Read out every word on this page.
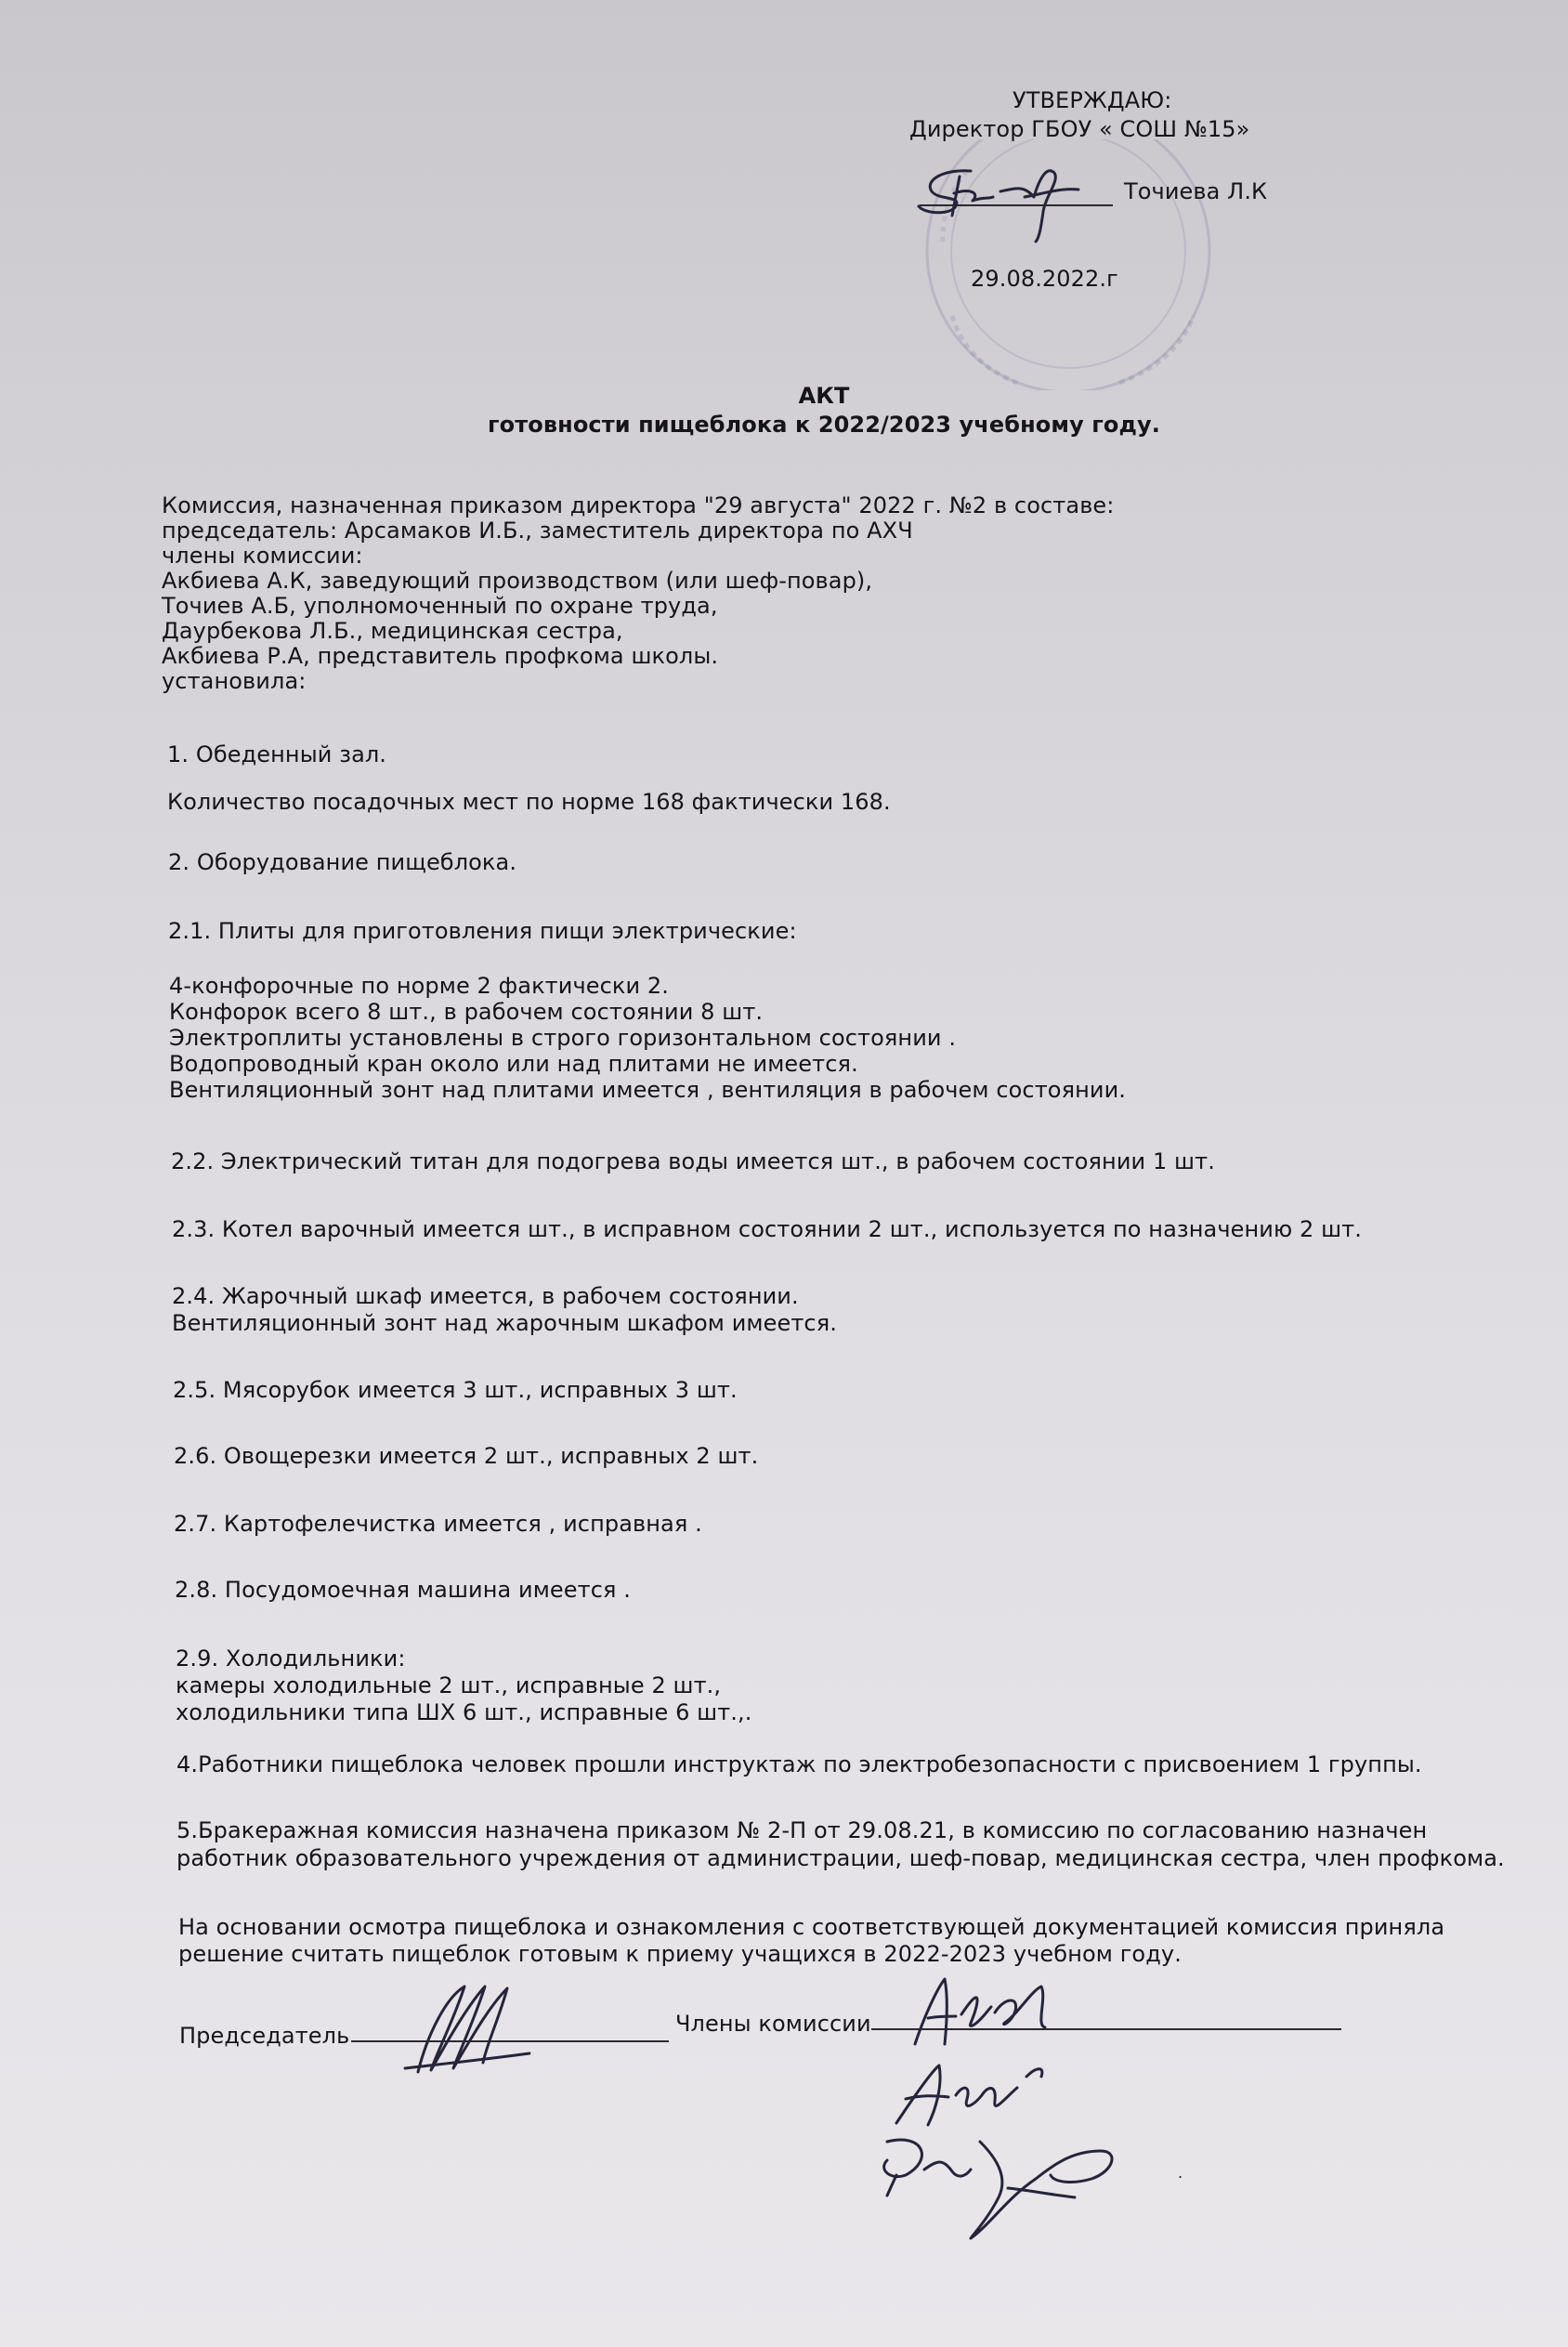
УТВЕРЖДАЮ:
Директор ГБОУ « СОШ №15»
Точиева Л.К
29.08.2022.г
АКТ
готовности пищеблока к 2022/2023 учебному году.
Комиссия, назначенная приказом директора "29 августа" 2022 г. №2 в составе:
председатель: Арсамаков И.Б., заместитель директора по АХЧ
члены комиссии:
Акбиева А.К, заведующий производством (или шеф-повар),
Точиев А.Б, уполномоченный по охране труда,
Даурбекова Л.Б., медицинская сестра,
Акбиева Р.А, представитель профкома школы.
установила:
1. Обеденный зал.
Количество посадочных мест по норме 168 фактически 168.
2. Оборудование пищеблока.
2.1. Плиты для приготовления пищи электрические:
4-конфорочные по норме 2 фактически 2.
Конфорок всего 8 шт., в рабочем состоянии 8 шт.
Электроплиты установлены в строго горизонтальном состоянии .
Водопроводный кран около или над плитами не имеется.
Вентиляционный зонт над плитами имеется , вентиляция в рабочем состоянии.
2.2. Электрический титан для подогрева воды имеется шт., в рабочем состоянии 1 шт.
2.3. Котел варочный имеется шт., в исправном состоянии 2 шт., используется по назначению 2 шт.
2.4. Жарочный шкаф имеется, в рабочем состоянии.
Вентиляционный зонт над жарочным шкафом имеется.
2.5. Мясорубок имеется 3 шт., исправных 3 шт.
2.6. Овощерезки имеется 2 шт., исправных 2 шт.
2.7. Картофелечистка имеется , исправная .
2.8. Посудомоечная машина имеется .
2.9. Холодильники:
камеры холодильные 2 шт., исправные 2 шт.,
холодильники типа ШХ 6 шт., исправные 6 шт.,.
4.Работники пищеблока человек прошли инструктаж по электробезопасности с присвоением 1 группы.
5.Бракеражная комиссия назначена приказом № 2-П от 29.08.21, в комиссию по согласованию назначен
работник образовательного учреждения от администрации, шеф-повар, медицинская сестра, член профкома.
На основании осмотра пищеблока и ознакомления с соответствующей документацией комиссия приняла
решение считать пищеблок готовым к приему учащихся в 2022-2023 учебном году.
Председатель	Члены комиссии
.
